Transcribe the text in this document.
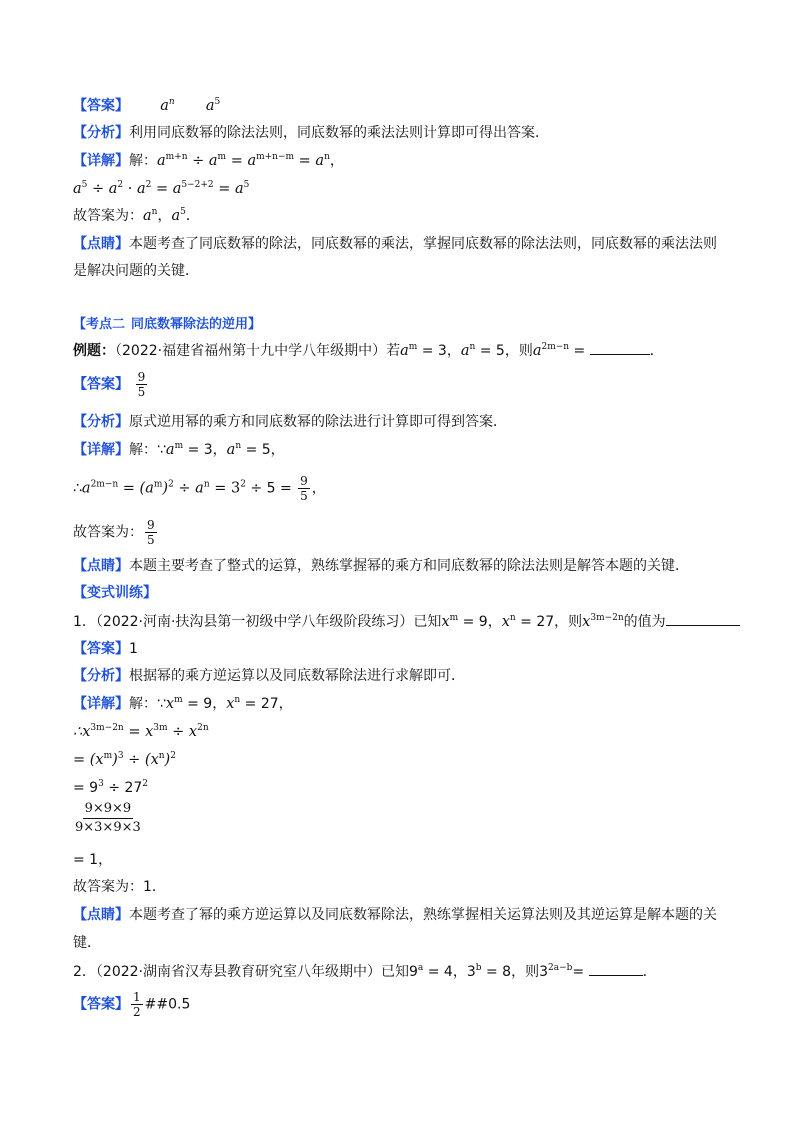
【答案】 $a^n$ $a^5$
【分析】利用同底数幂的除法法则，同底数幂的乘法法则计算即可得出答案．
【详解】解：$a^{m+n} \div a^m = a^{m+n-m} = a^n$，
$a^5 \div a^2 \cdot a^2 = a^{5-2+2} = a^5$
故答案为：$a^n$，$a^5$．
【点睛】本题考查了同底数幂的除法，同底数幂的乘法，掌握同底数幂的除法法则，同底数幂的乘法法则
是解决问题的关键．
【考点二 同底数幂除法的逆用】
例题：（2022·福建省福州第十九中学八年级期中）若$a^m = 3$，$a^n = 5$，则$a^{2m-n}$ =	．
【答案】 $\frac{9}{5}$
【分析】原式逆用幂的乘方和同底数幂的除法进行计算即可得到答案．
【详解】解：$\because a^m = 3$，$a^n = 5$，
$\therefore a^{2m-n} = (a^m)^2 \div a^n = 3^2 \div 5 = \frac{9}{5}$ ，
故答案为： $\frac{9}{5}$
【点睛】本题主要考查了整式的运算，熟练掌握幂的乘方和同底数幂的除法法则是解答本题的关键．
【变式训练】
1．（2022·河南·扶沟县第一初级中学八年级阶段练习）已知$x^m = 9$，$x^n = 27$，则$x^{3m-2n}$的值为
【答案】1
【分析】根据幂的乘方逆运算以及同底数幂除法进行求解即可．
【详解】解：$\because x^m = 9$，$x^n = 27$，
$\therefore x^{3m-2n} = x^{3m} \div x^{2n}$
= $(x^m)^3 \div (x^n)^2$
= $9^3 \div 27^2$
$\frac{9\times 9\times 9}{9\times 3\times 9\times 3}$
= 1，
故答案为：1．
【点睛】本题考查了幂的乘方逆运算以及同底数幂除法，熟练掌握相关运算法则及其逆运算是解本题的关
键．
2．（2022·湖南省汉寿县教育研究室八年级期中）已知$9^a = 4$，$3^b = 8$，则$3^{2a-b}=$	．
【答案】 $\frac{1}{2}$ ##0.5
